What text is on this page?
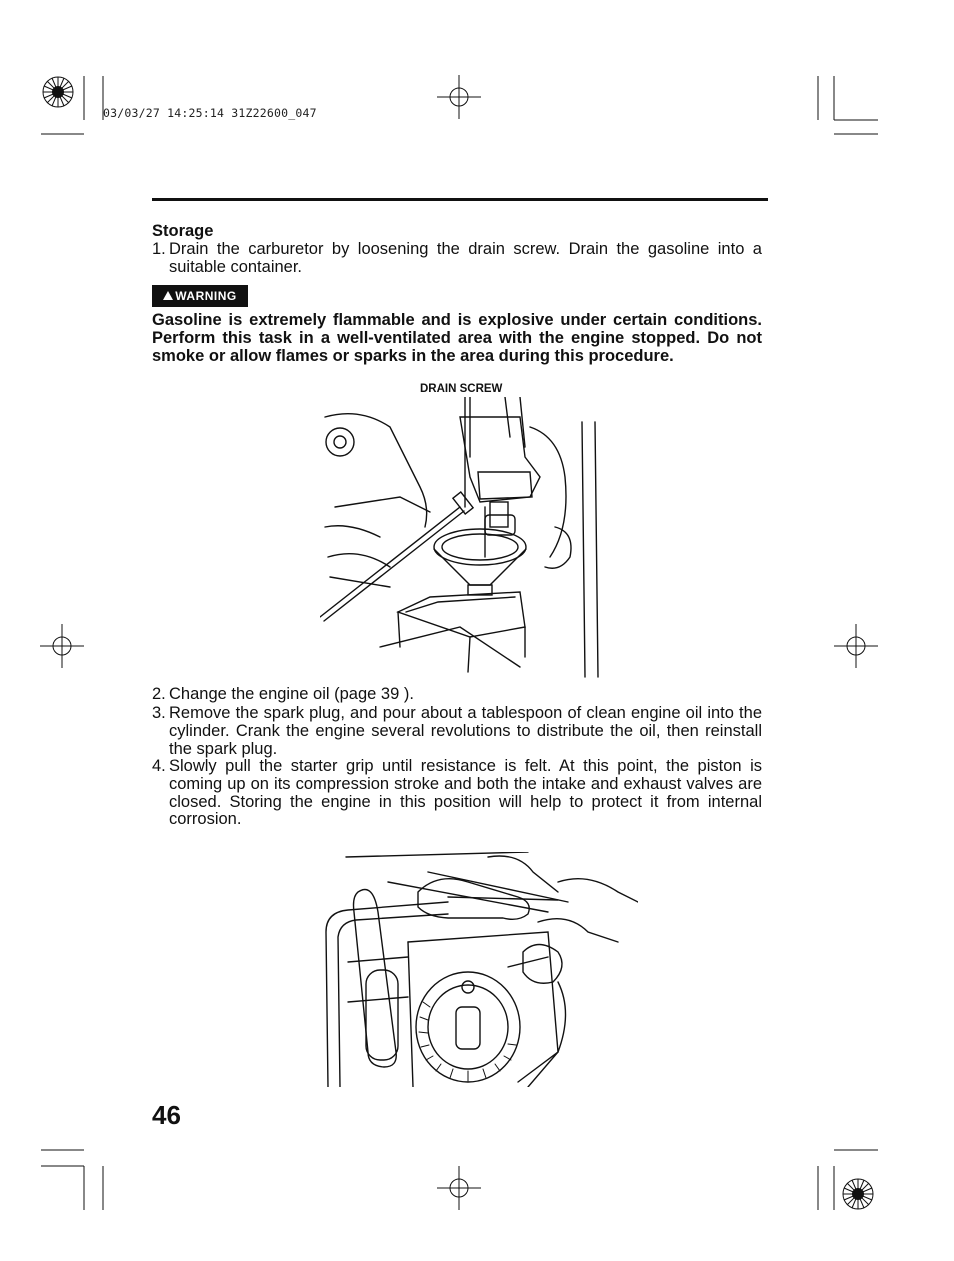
03/03/27 14:25:14 31Z22600_047
Storage
1. Drain the carburetor by loosening the drain screw. Drain the gasoline into a suitable container.
WARNING
Gasoline is extremely flammable and is explosive under certain conditions. Perform this task in a well-ventilated area with the engine stopped. Do not smoke or allow flames or sparks in the area during this procedure.
DRAIN SCREW
2. Change the engine oil (page 39 ).
3. Remove the spark plug, and pour about a tablespoon of clean engine oil into the cylinder. Crank the engine several revolutions to distribute the oil, then reinstall the spark plug.
4. Slowly pull the starter grip until resistance is felt. At this point, the piston is coming up on its compression stroke and both the intake and exhaust valves are closed. Storing the engine in this position will help to protect it from internal corrosion.
46
